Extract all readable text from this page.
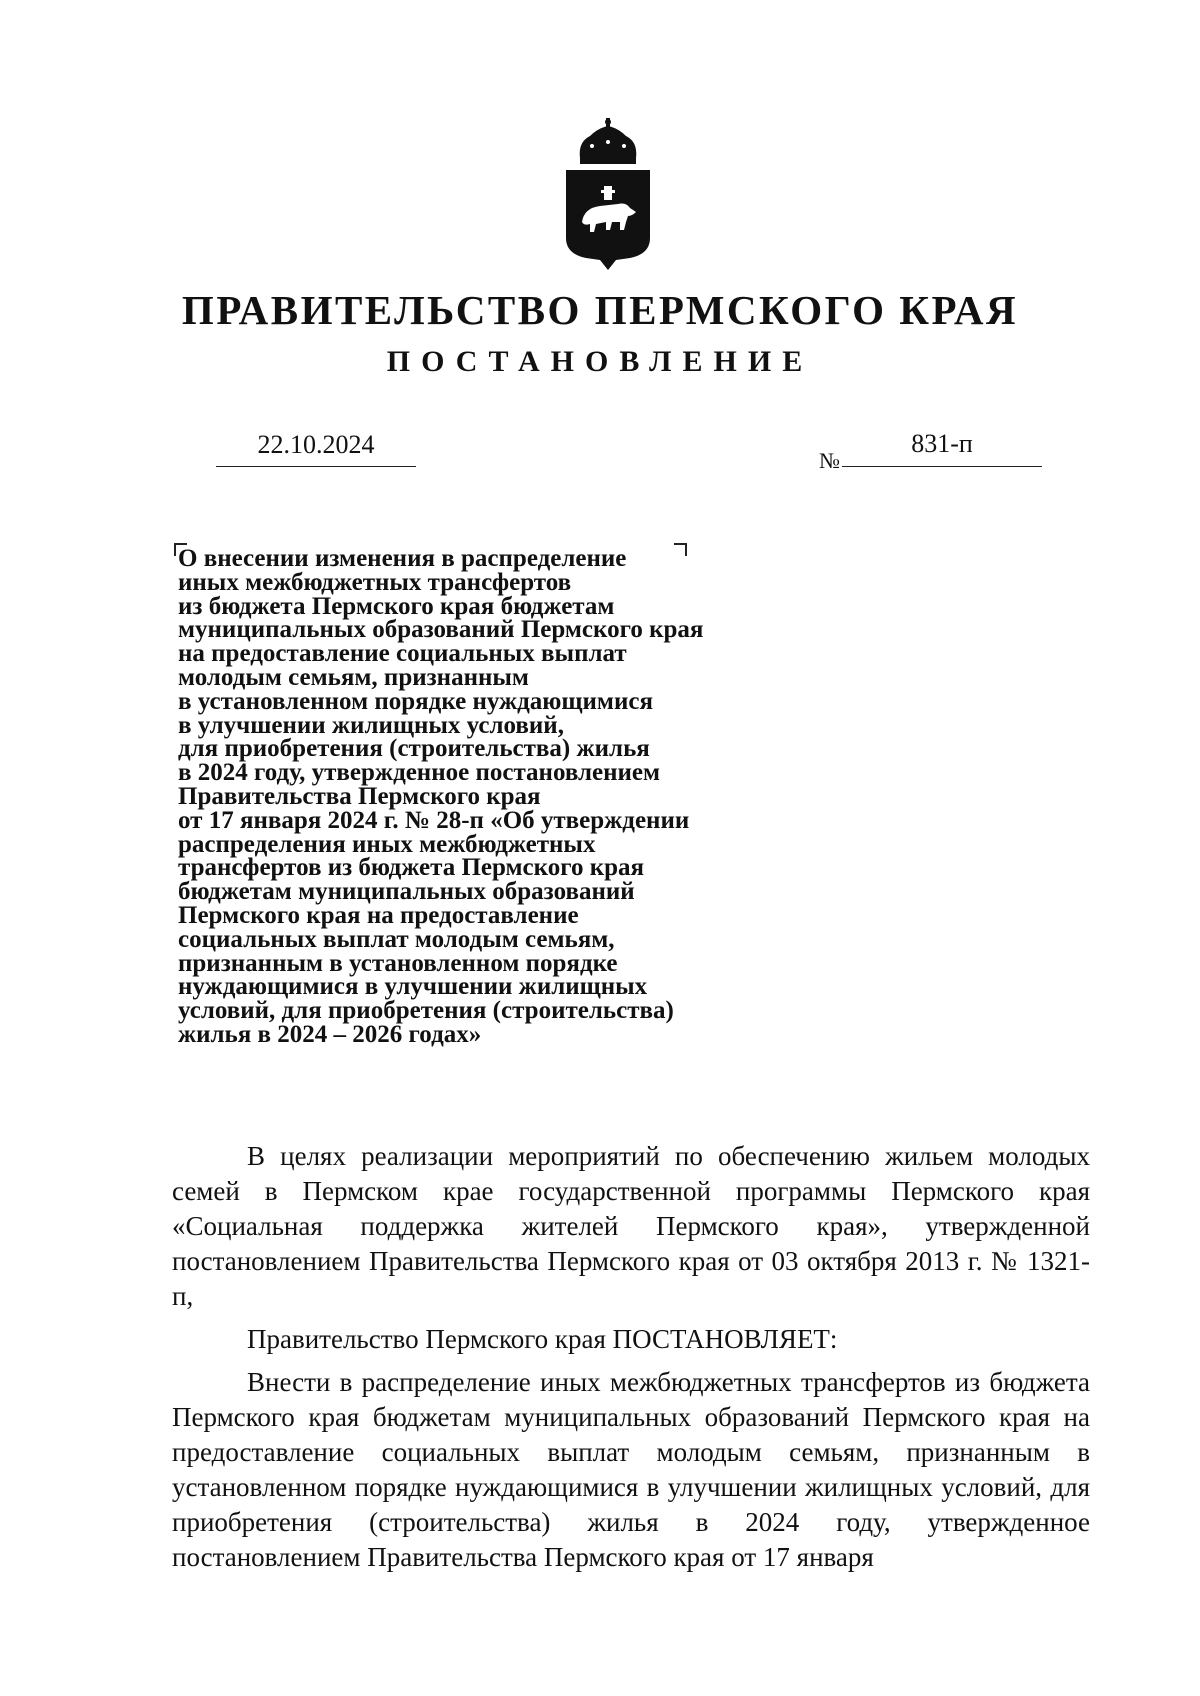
ПРАВИТЕЛЬСТВО ПЕРМСКОГО КРАЯ
ПОСТАНОВЛЕНИЕ
22.10.2024
№
831-п
О внесении изменения в распределение
иных межбюджетных трансфертов
из бюджета Пермского края бюджетам
муниципальных образований Пермского края
на предоставление социальных выплат
молодым семьям, признанным
в установленном порядке нуждающимися
в улучшении жилищных условий,
для приобретения (строительства) жилья
в 2024 году, утвержденное постановлением
Правительства Пермского края
от 17 января 2024 г. № 28-п «Об утверждении
распределения иных межбюджетных
трансфертов из бюджета Пермского края
бюджетам муниципальных образований
Пермского края на предоставление
социальных выплат молодым семьям,
признанным в установленном порядке
нуждающимися в улучшении жилищных
условий, для приобретения (строительства)
жилья в 2024 – 2026 годах»

В целях реализации мероприятий по обеспечению жильем молодых семей в Пермском крае государственной программы Пермского края «Социальная поддержка жителей Пермского края», утвержденной постановлением Правительства Пермского края от 03 октября 2013 г. № 1321-п,

Правительство Пермского края ПОСТАНОВЛЯЕТ:

Внести в распределение иных межбюджетных трансфертов из бюджета Пермского края бюджетам муниципальных образований Пермского края на предоставление социальных выплат молодым семьям, признанным в установленном порядке нуждающимися в улучшении жилищных условий, для приобретения (строительства) жилья в 2024 году, утвержденное постановлением Правительства Пермского края от 17 января
